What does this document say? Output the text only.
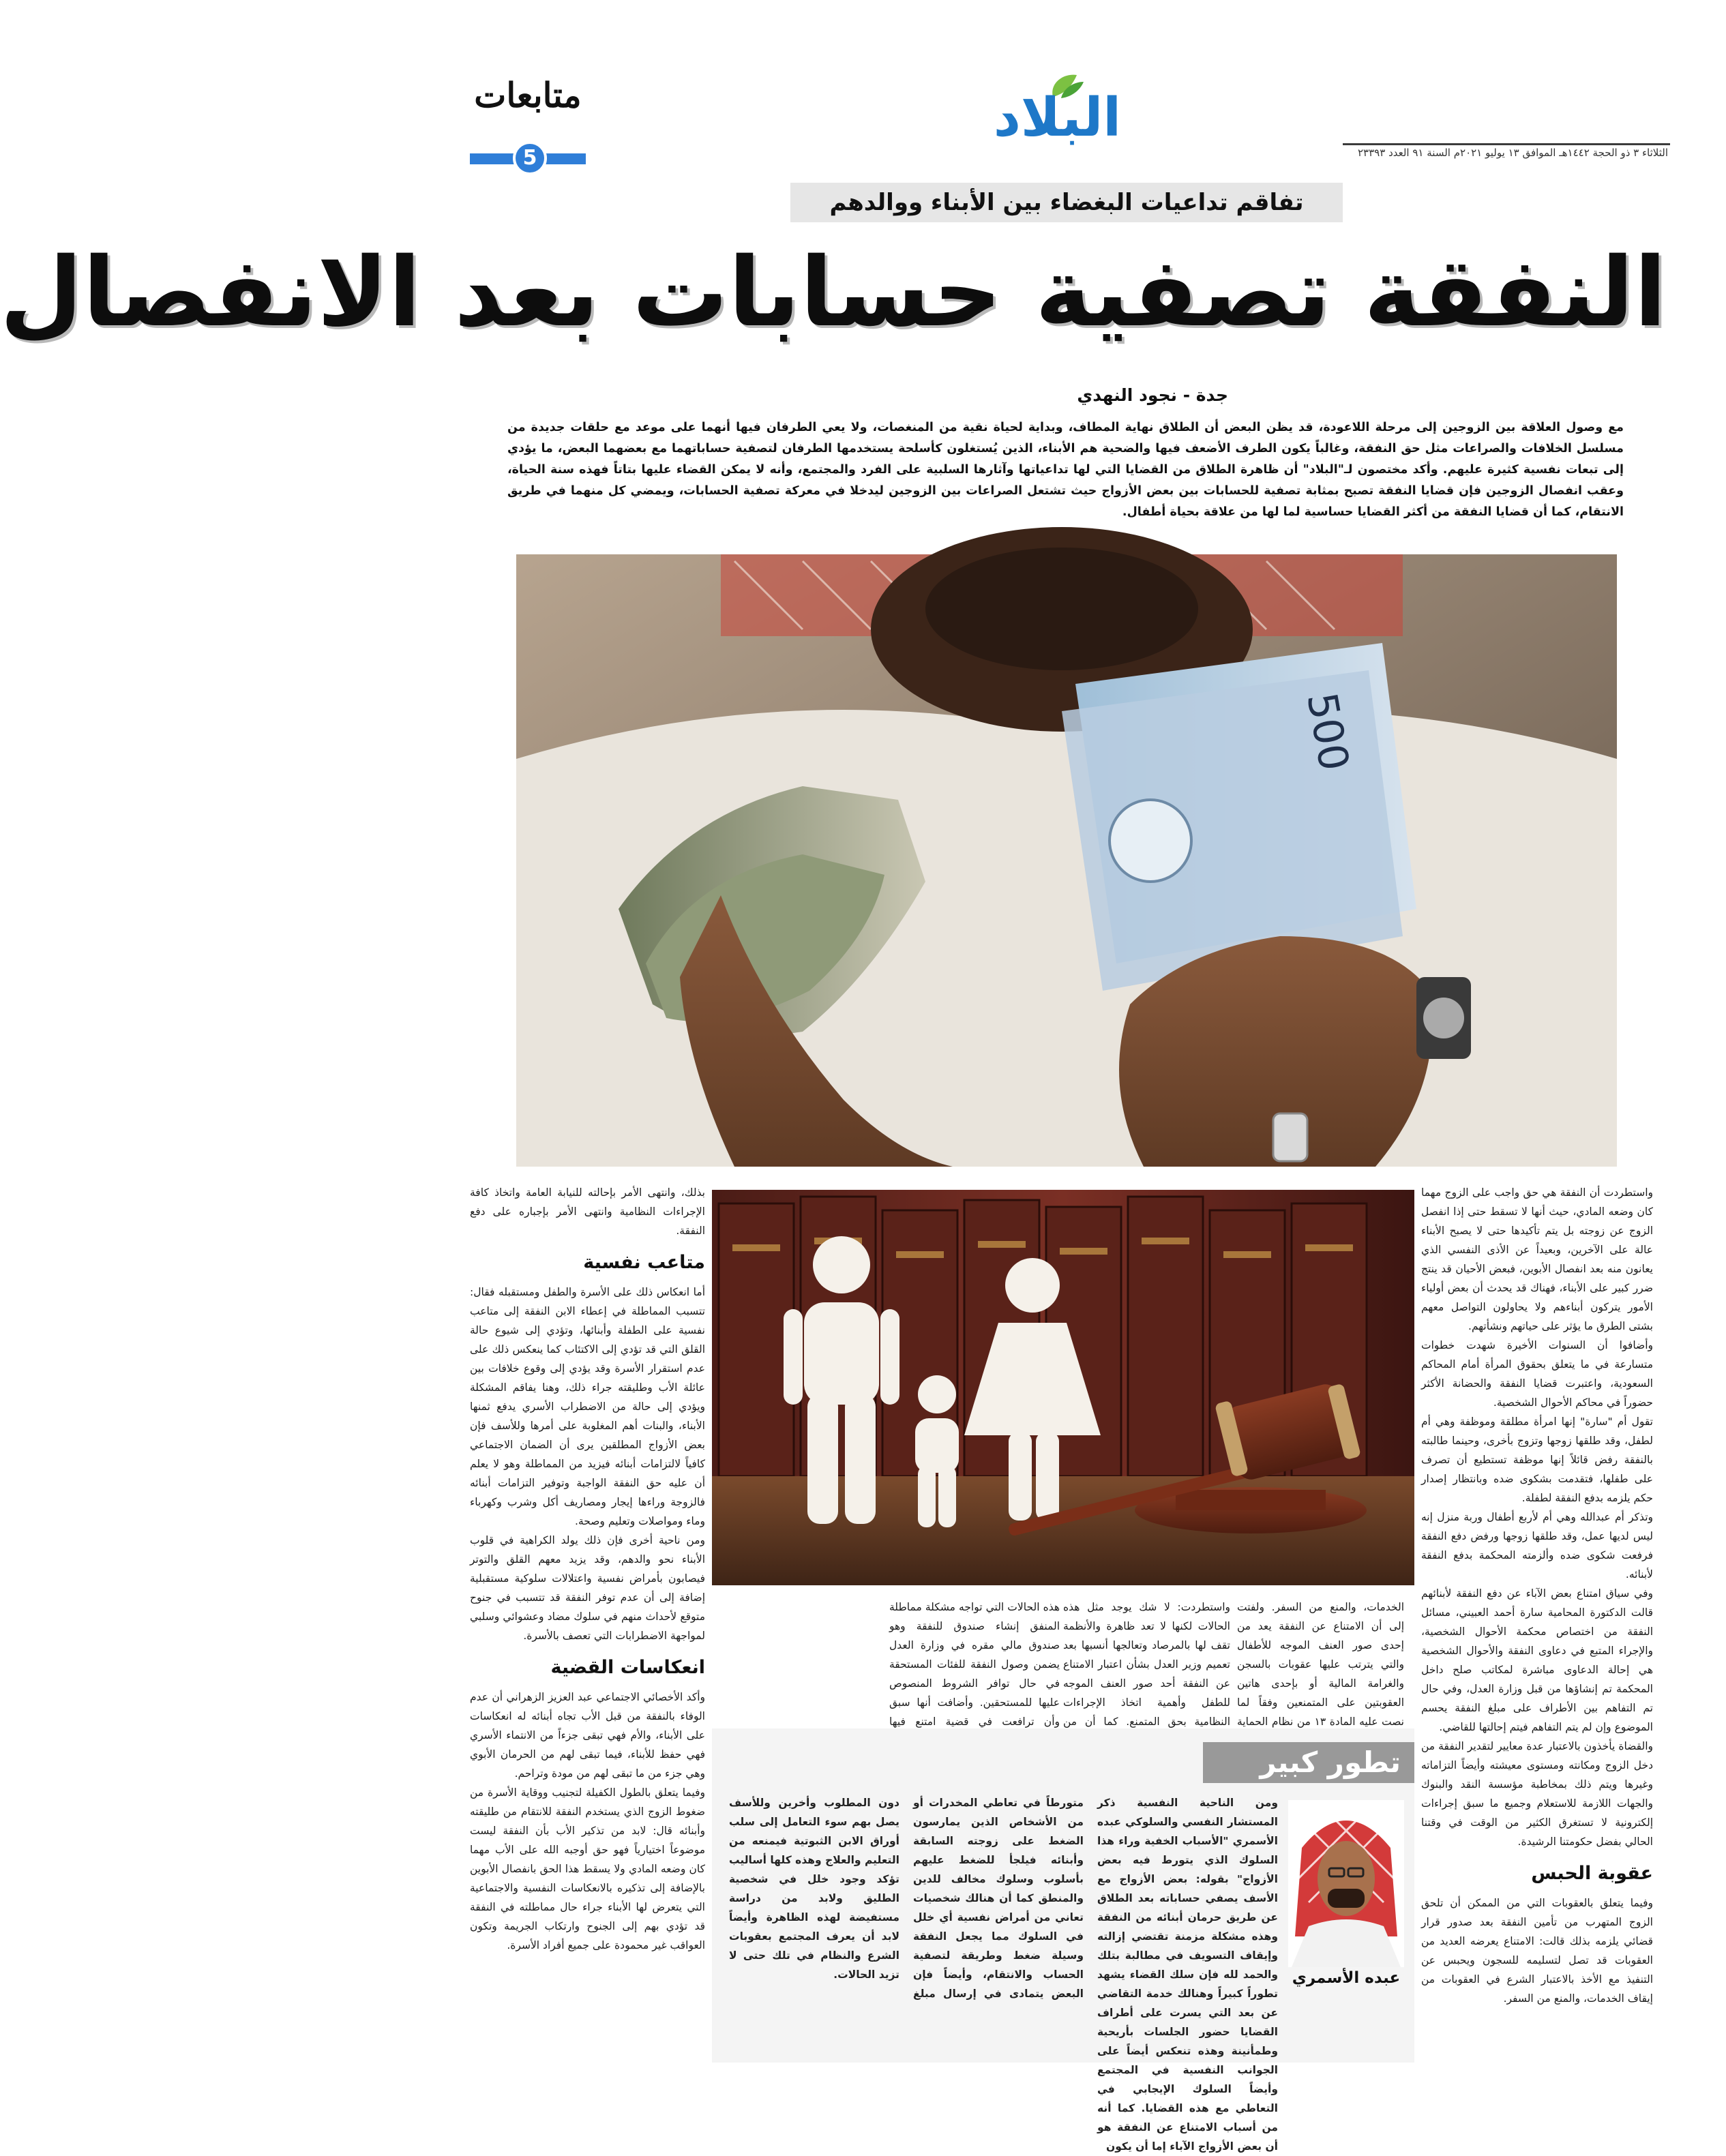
البلاد
الثلاثاء ٣ ذو الحجة ١٤٤٢هـ الموافق ١٣ يوليو ٢٠٢١م السنة ٩١ العدد ٢٣٣٩٣
متابعات
5
تفاقم تداعيات البغضاء بين الأبناء ووالدهم
النفقة تصفية حسابات بعد الانفصال
جدة - نجود النهدي

مع وصول العلاقة بين الزوجين إلى مرحلة اللاعودة، قد يظن البعض أن الطلاق نهاية المطاف، وبداية لحياة نقية من المنغصات، ولا يعي الطرفان فيها أنهما على موعد مع حلقات جديدة من مسلسل الخلافات والصراعات مثل حق النفقة، وغالباً يكون الطرف الأضعف فيها والضحية هم الأبناء، الذين يُستغلون كأسلحة يستخدمها الطرفان لتصفية حساباتهما مع بعضهما البعض، ما يؤدي إلى تبعات نفسية كثيرة عليهم. وأكد مختصون لـ"البلاد" أن ظاهرة الطلاق من القضايا التي لها تداعياتها وآثارها السلبية على الفرد والمجتمع، وأنه لا يمكن القضاء عليها بتاتاً فهذه سنة الحياة، وعقب انفصال الزوجين فإن قضايا النفقة تصبح بمثابة تصفية للحسابات بين بعض الأزواج حيث تشتعل الصراعات بين الزوجين ليدخلا في معركة تصفية الحسابات، ويمضي كل منهما في طريق الانتقام، كما أن قضايا النفقة من أكثر القضايا حساسية لما لها من علاقة بحياة أطفال.

500

واستطردت أن النفقة هي حق واجب على الزوج مهما كان وضعه المادي، حيث أنها لا تسقط حتى إذا انفصل الزوج عن زوجته بل يتم تأكيدها حتى لا يصبح الأبناء عالة على الآخرين، وبعيداً عن الأذى النفسي الذي يعانون منه بعد انفصال الأبوين، فبعض الأحيان قد ينتج ضرر كبير على الأبناء، فهناك قد يحدث أن بعض أولياء الأمور يتركون أبناءهم ولا يحاولون التواصل معهم بشتى الطرق ما يؤثر على حياتهم ونشأتهم.

وأضافوا أن السنوات الأخيرة شهدت خطوات متسارعة في ما يتعلق بحقوق المرأة أمام المحاكم السعودية، واعتبرت قضايا النفقة والحضانة الأكثر حضوراً في محاكم الأحوال الشخصية.

تقول أم "سارة" إنها امرأة مطلقة وموظفة وهي أم لطفل، وقد طلقها زوجها وتزوج بأخرى، وحينما طالبته بالنفقة رفض قائلاً إنها موظفة تستطيع أن تصرف على طفلها، فتقدمت بشكوى ضده وبانتظار إصدار حكم يلزمه بدفع النفقة لطفلة.

وتذكر أم عبدالله وهي أم لأربع أطفال وربة منزل إنه ليس لديها عمل، وقد طلقها زوجها ورفض دفع النفقة فرفعت شكوى ضده وألزمته المحكمة بدفع النفقة لأبنائه.

وفي سياق امتناع بعض الآباء عن دفع النفقة لأبنائهم قالت الدكتورة المحامية سارة أحمد العبيني، مسائل النفقة من اختصاص محكمة الأحوال الشخصية، والإجراء المتبع في دعاوى النفقة والأحوال الشخصية هي إحالة الدعاوى مباشرة لمكاتب صلح داخل المحكمة تم إنشاؤها من قبل وزارة العدل، وفي حال تم التفاهم بين الأطراف على مبلغ النفقة يحسم الموضوع وإن لم يتم التفاهم فيتم إحالتها للقاضي.

والقضاة يأخذون بالاعتبار عدة معايير لتقدير النفقة من دخل الزوج ومكانته ومستوى معيشته وأيضاً التزاماته وغيرها ويتم ذلك بمخاطبة مؤسسة النقد والبنوك والجهات اللازمة للاستعلام وجميع ما سبق إجراءات إلكترونية لا تستغرق الكثير من الوقت في وقتنا الحالي بفضل حكومتنا الرشيدة.

عقوبة الحبس

وفيما يتعلق بالعقوبات التي من الممكن أن تلحق الزوج المتهرب من تأمين النفقة بعد صدور قرار قضائي يلزمه بذلك قالت: الامتناع يعرضه العديد من العقوبات قد تصل لتسليمه للسجون ويحبس عن التنفيذ مع الأخذ بالاعتبار الشرع في العقوبات من إيقاف الخدمات، والمنع من السفر.

بذلك، وانتهى الأمر بإحالته للنيابة العامة واتخاذ كافة الإجراءات النظامية وانتهى الأمر بإجباره على دفع النفقة.

متاعب نفسية

أما انعكاس ذلك على الأسرة والطفل ومستقبله فقال: تتسبب المماطلة في إعطاء الابن النفقة إلى متاعب نفسية على الطفلة وأبنائها، وتؤدي إلى شيوع حالة القلق التي قد تؤدي إلى الاكتئاب كما ينعكس ذلك على عدم استقرار الأسرة وقد يؤدي إلى وقوع خلافات بين عائلة الأب وطليقته جراء ذلك، وهنا يفاقم المشكلة ويؤدي إلى حالة من الاضطراب الأسري يدفع ثمنها الأبناء، والبنات أهم المغلوبة على أمرها وللأسف فإن بعض الأزواج المطلقين يرى أن الضمان الاجتماعي كافياً لالتزامات أبنائه فيزيد من المماطلة وهو لا يعلم أن عليه حق النفقة الواجبة وتوفير التزامات أبنائه فالزوجة وراءها إيجار ومصاريف أكل وشرب وكهرباء وماء ومواصلات وتعليم وصحة.

ومن ناحية أخرى فإن ذلك يولد الكراهية في قلوب الأبناء نحو والدهم، وقد يزيد معهم القلق والتوتر فيصابون بأمراض نفسية واعتلالات سلوكية مستقبلية إضافة إلى أن عدم توفر النفقة قد تتسبب في جنوح متوقع لأحداث منهم في سلوك مضاد وعشوائي وسلبي لمواجهة الاضطرابات التي تعصف بالأسرة.

انعكاسات القضية

وأكد الأخصائي الاجتماعي عبد العزيز الزهراني أن عدم الوفاء بالنفقة من قبل الأب تجاه أبنائه له انعكاسات على الأبناء، والأم فهي تبقى جزءاً من الانتماء الأسري فهي حفظ للأبناء، فيما تبقى لهم من الحرمان الأبوي وهي جزء من ما تبقى لهم من مودة وتراحم.

وفيما يتعلق بالطول الكفيلة لتجنيب ووقاية الأسرة من ضغوط الزوج الذي يستخدم النفقة للانتقام من طليقته وأبنائه قال: لابد من تذكير الأب بأن النفقة ليست موضوعاً اختيارياً فهو حق أوجبه الله على الأب مهما كان وضعه المادي ولا يسقط هذا الحق بانفصال الأبوين بالإضافة إلى تذكيره بالانعكاسات النفسية والاجتماعية التي يتعرض لها الأبناء جراء حال مماطلته في النفقة قد تؤدي بهم إلى الجنوح وارتكاب الجريمة وتكون العواقب غير محمودة على جميع أفراد الأسرة.

الخدمات، والمنع من السفر. ولفتت إلى أن الامتناع عن النفقة يعد من إحدى صور العنف الموجه للأطفال والتي يترتب عليها عقوبات بالسجن والغرامة المالية أو بإحدى هاتين العقوبتين على المتمنعين وفقاً لما نصت عليه المادة ١٣ من نظام الحماية
واستطردت: لا شك يوجد مثل هذه الحالات لكنها لا تعد ظاهرة والأنظمة تقف لها بالمرصاد وتعالجها أنسبها بعد تعميم وزير العدل بشأن اعتبار الامتناع عن النفقة أحد صور العنف الموجه للطفل وأهمية اتخاذ الإجراءات النظامية بحق المتمنع. كما أن من
هذه الحالات التي تواجه مشكلة مماطلة المنفق إنشاء صندوق للنفقة وهو صندوق مالي مقره في وزارة العدل يضمن وصول النفقة للفئات المستحقة في حال توافر الشروط المنصوص عليها للمستحقين. وأضافت أنها سبق وأن ترافعت في قضية امتنع فيها
تطور كبير
عبده الأسمري
ومن الناحية النفسية ذكر المستشار النفسي والسلوكي عبده الأسمري "الأسباب الخفية وراء هذا السلوك الذي يتورط فيه بعض الأزواج" بقوله: بعض الأزواج مع الأسف يصفي حساباته بعد الطلاق عن طريق حرمان أبنائه من النفقة وهذه مشكلة مزمنة تقتضي إزالته وإيقاف التسويف في مطالبة بتلك والحمد لله فإن سلك القضاء يشهد تطوراً كبيراً وهنالك خدمة التقاضي عن بعد التي يسرت على أطراف القضايا حضور الجلسات بأريحية وطمأنينة وهذه تنعكس أيضاً على الجوانب النفسية في المجتمع وأيضاً السلوك الإيجابي في التعاطي مع هذه القضايا. كما أنه من أسباب الامتناع عن النفقة هو أن بعض الأزواج الآباء إما أن يكون
متورطاً في تعاطي المخدرات أو من الأشخاص الذين يمارسون الضغط على زوجته السابقة وأبنائه فيلجأ للضغط عليهم بأسلوب وسلوك مخالف للدين والمنطق كما أن هنالك شخصيات تعاني من أمراض نفسية أي خلل في السلوك مما يجعل النفقة وسيلة ضغط وطريقة لتصفية الحساب والانتقام، وأيضاً فإن البعض يتمادى في إرسال مبلغ دون المطلوب وأخرين وللأسف يصل بهم سوء التعامل إلى سلب أوراق الابن الثبوتية فيمنعه من التعليم والعلاج وهذه كلها أساليب تؤكد وجود خلل في شخصية الطليق ولابد من دراسة مستفيضة لهذه الظاهرة وأيضاً لابد أن يعرف المجتمع بعقوبات الشرع والنظام في تلك حتى لا تزيد الحالات.
